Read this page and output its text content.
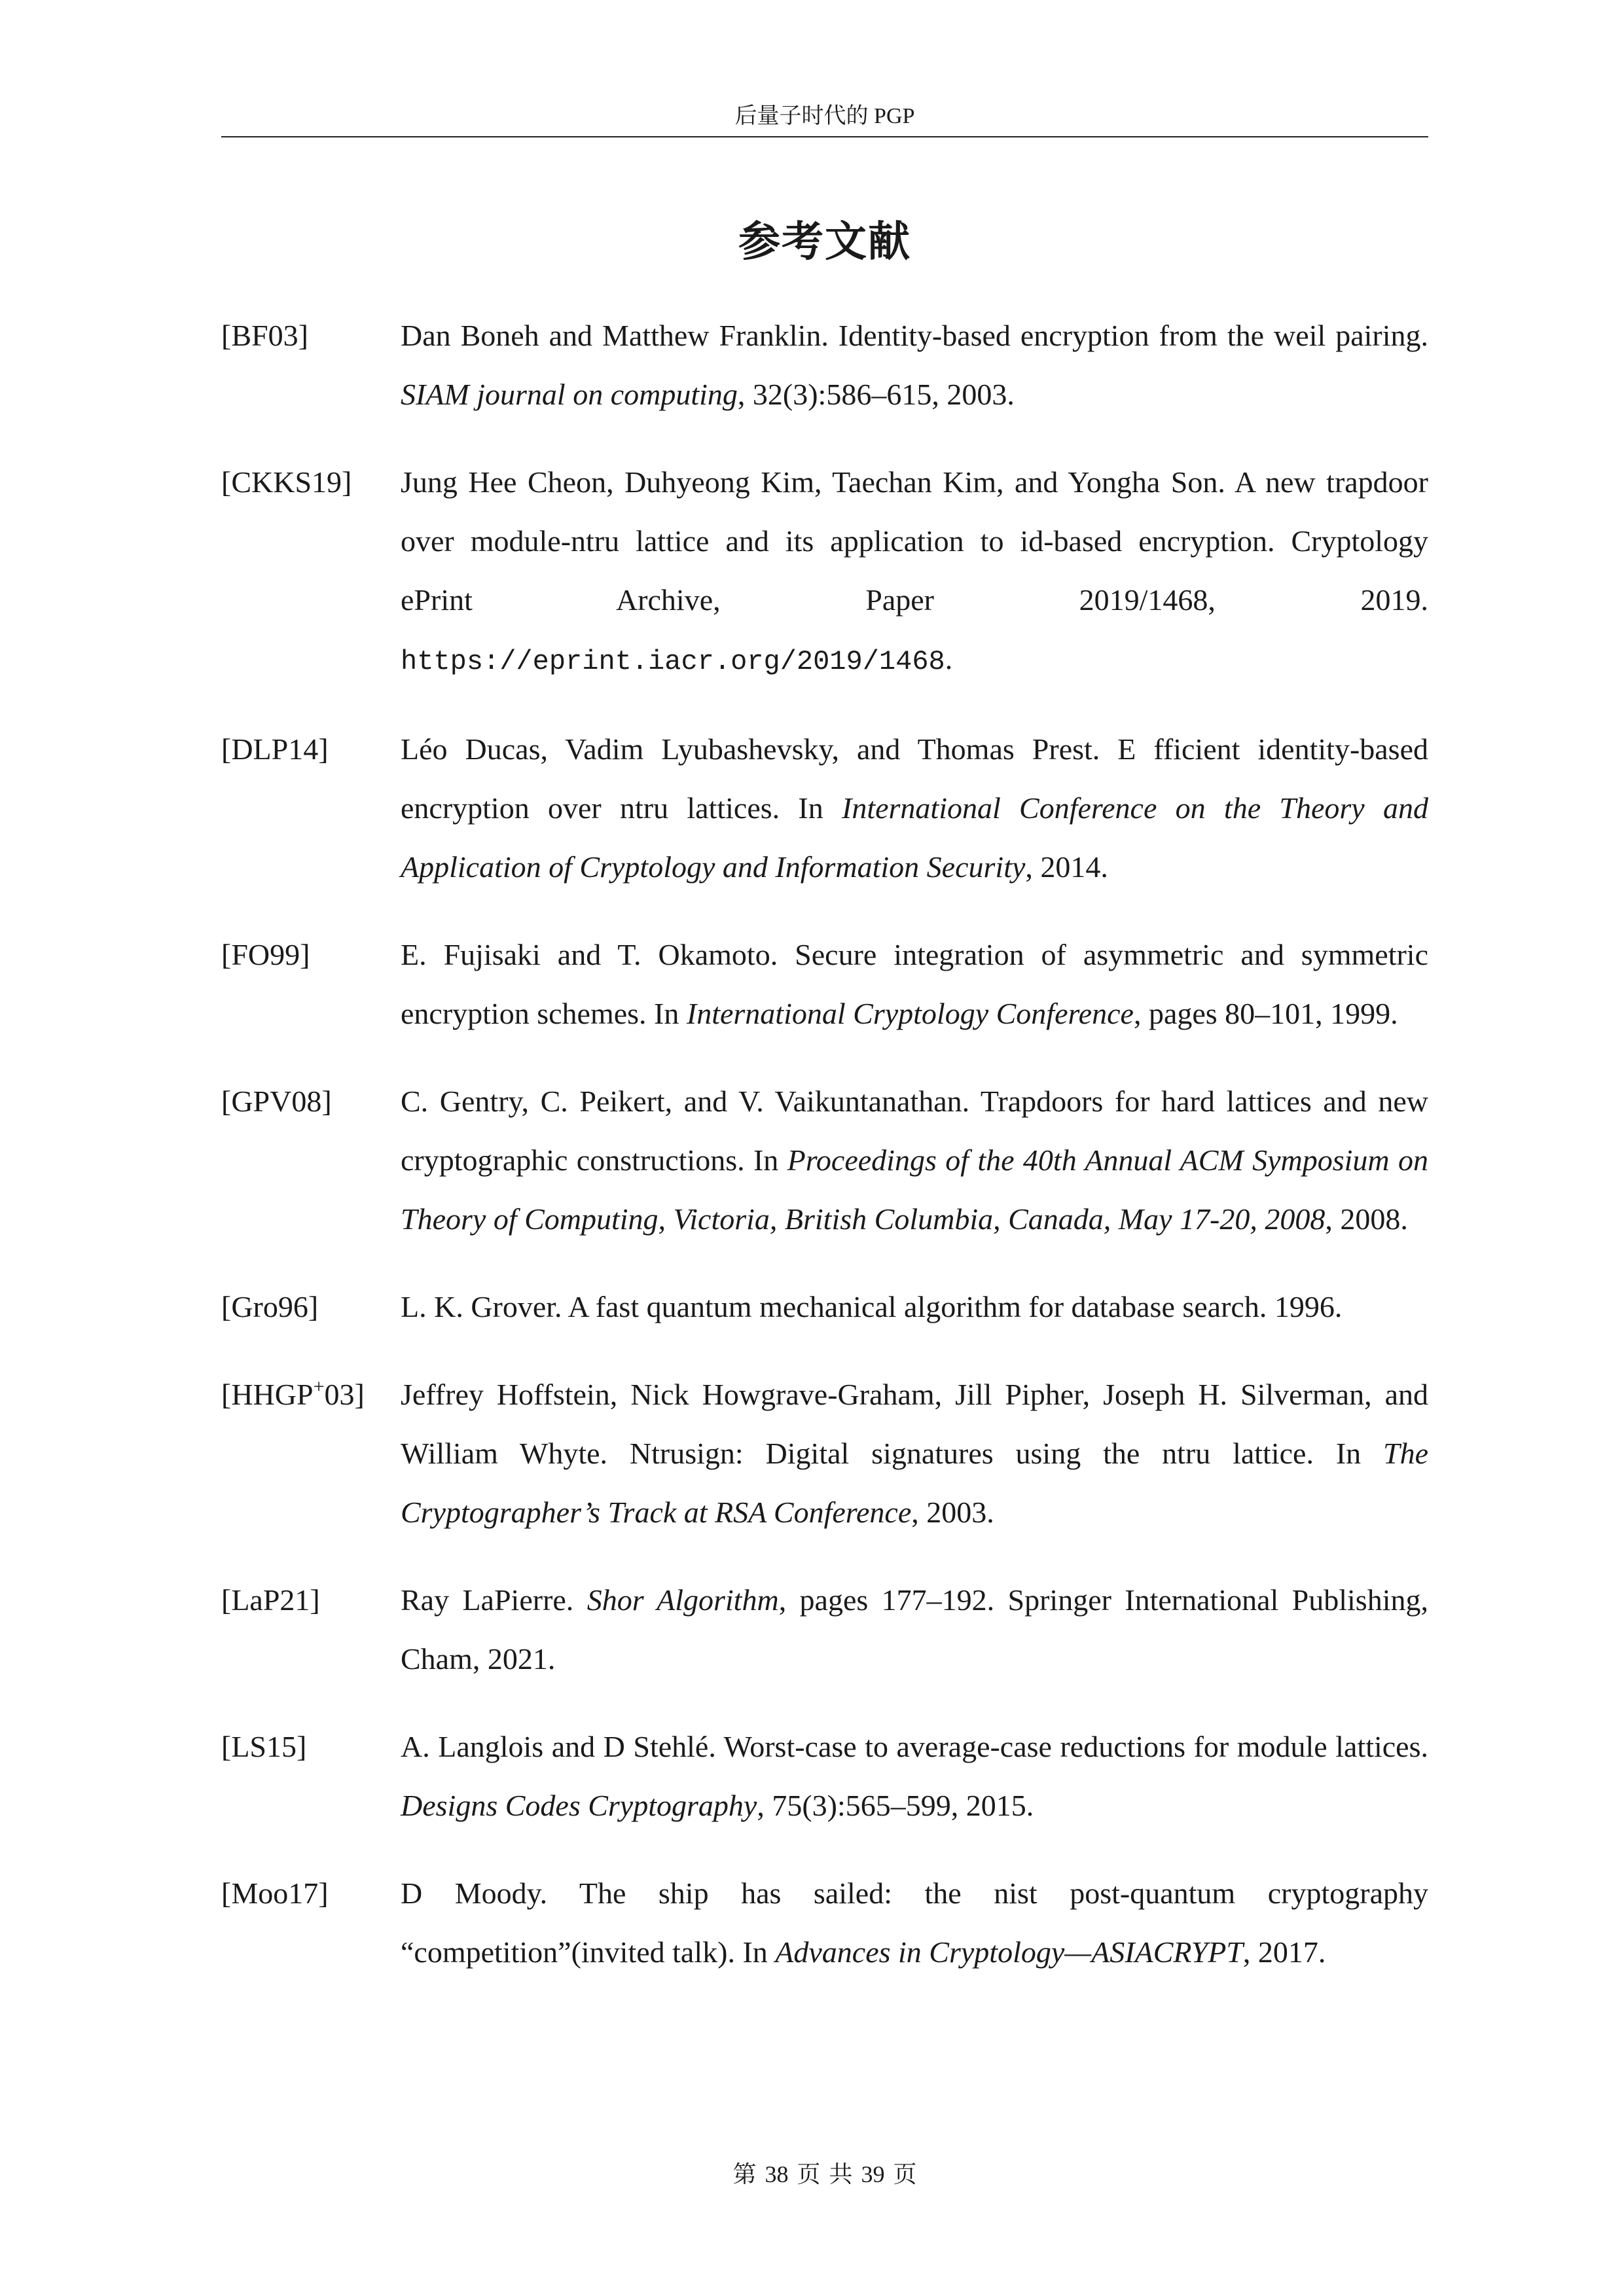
后量子时代的 PGP
参考文献
[BF03]	Dan Boneh and Matthew Franklin. Identity-based encryption from the weil pairing. SIAM journal on computing, 32(3):586–615, 2003.
[CKKS19]	Jung Hee Cheon, Duhyeong Kim, Taechan Kim, and Yongha Son. A new trapdoor over module-ntru lattice and its application to id-based encryption. Cryptology ePrint Archive, Paper 2019/1468, 2019. https://eprint.iacr.org/2019/1468.
[DLP14]	Léo Ducas, Vadim Lyubashevsky, and Thomas Prest. E fficient identity-based encryption over ntru lattices. In International Conference on the Theory and Application of Cryptology and Information Security, 2014.
[FO99]	E. Fujisaki and T. Okamoto. Secure integration of asymmetric and symmetric encryption schemes. In International Cryptology Conference, pages 80–101, 1999.
[GPV08]	C. Gentry, C. Peikert, and V. Vaikuntanathan. Trapdoors for hard lattices and new cryptographic constructions. In Proceedings of the 40th Annual ACM Symposium on Theory of Computing, Victoria, British Columbia, Canada, May 17-20, 2008, 2008.
[Gro96]	L. K. Grover. A fast quantum mechanical algorithm for database search. 1996.
[HHGP+03]	Jeffrey Hoffstein, Nick Howgrave-Graham, Jill Pipher, Joseph H. Silverman, and William Whyte. Ntrusign: Digital signatures using the ntru lattice. In The Cryptographer’s Track at RSA Conference, 2003.
[LaP21]	Ray LaPierre. Shor Algorithm, pages 177–192. Springer International Publishing, Cham, 2021.
[LS15]	A. Langlois and D Stehlé. Worst-case to average-case reductions for module lattices. Designs Codes Cryptography, 75(3):565–599, 2015.
[Moo17]	D Moody. The ship has sailed: the nist post-quantum cryptography “competition”(invited talk). In Advances in Cryptology—ASIACRYPT, 2017.
第 38 页 共 39 页
